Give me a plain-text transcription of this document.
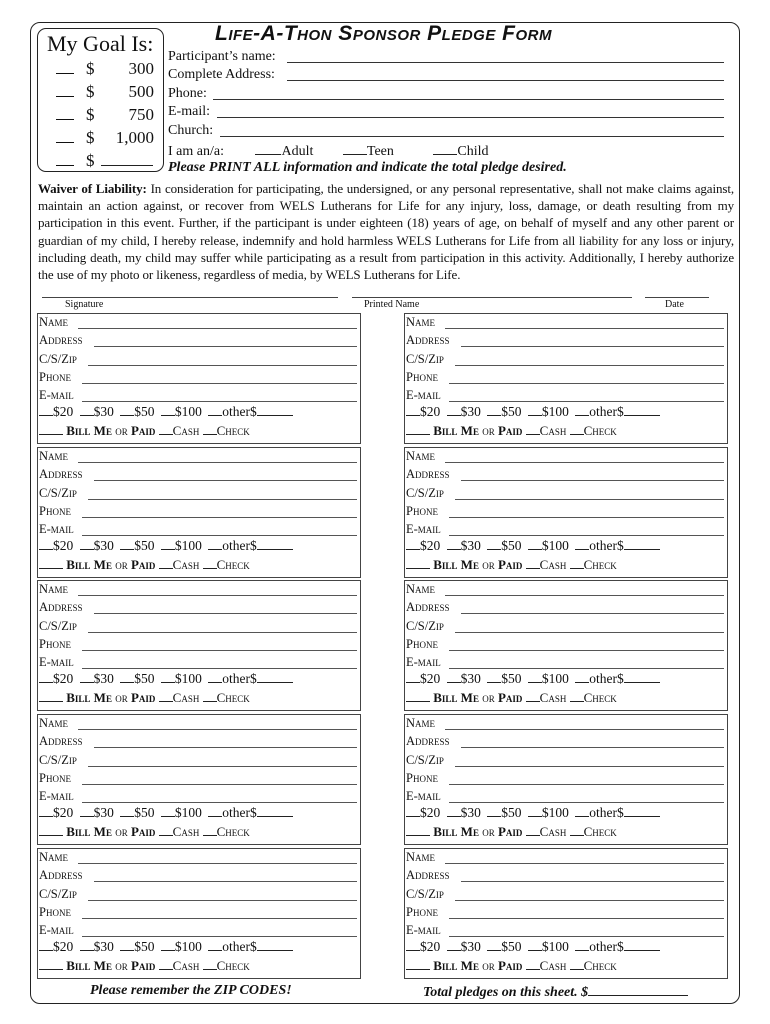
My Goal Is:
$	300
$	500
$	750
$	1,000
$
Life-A-Thon Sponsor Pledge Form
Participant’s name:
Complete Address:
Phone:
E-mail:
Church:
I am an/a:	Adult	Teen	Child
Please PRINT ALL information and indicate the total pledge desired.
Waiver of Liability: In consideration for participating, the undersigned, or any personal representative, shall not make claims against, maintain an action against, or recover from WELS Lutherans for Life for any injury, loss, damage, or death resulting from my participation in this event. Further, if the participant is under eighteen (18) years of age, on behalf of myself and any other parent or guardian of my child, I hereby release, indemnify and hold harmless WELS Lutherans for Life from all liability for any loss or injury, including death, my child may suffer while participating as a result from participation in this activity. Additionally, I hereby authorize the use of my photo or likeness, regardless of media, by WELS Lutherans for Life.
Signature	Printed Name	Date
Name
Address
C/S/Zip
Phone
E-mail
$20 $30 $50 $100 other$
Bill Me or Paid Cash Check
Name
Address
C/S/Zip
Phone
E-mail
$20 $30 $50 $100 other$
Bill Me or Paid Cash Check
Name
Address
C/S/Zip
Phone
E-mail
$20 $30 $50 $100 other$
Bill Me or Paid Cash Check
Name
Address
C/S/Zip
Phone
E-mail
$20 $30 $50 $100 other$
Bill Me or Paid Cash Check
Name
Address
C/S/Zip
Phone
E-mail
$20 $30 $50 $100 other$
Bill Me or Paid Cash Check
Name
Address
C/S/Zip
Phone
E-mail
$20 $30 $50 $100 other$
Bill Me or Paid Cash Check
Name
Address
C/S/Zip
Phone
E-mail
$20 $30 $50 $100 other$
Bill Me or Paid Cash Check
Name
Address
C/S/Zip
Phone
E-mail
$20 $30 $50 $100 other$
Bill Me or Paid Cash Check
Name
Address
C/S/Zip
Phone
E-mail
$20 $30 $50 $100 other$
Bill Me or Paid Cash Check
Name
Address
C/S/Zip
Phone
E-mail
$20 $30 $50 $100 other$
Bill Me or Paid Cash Check
Please remember the ZIP CODES!	Total pledges on this sheet. $
